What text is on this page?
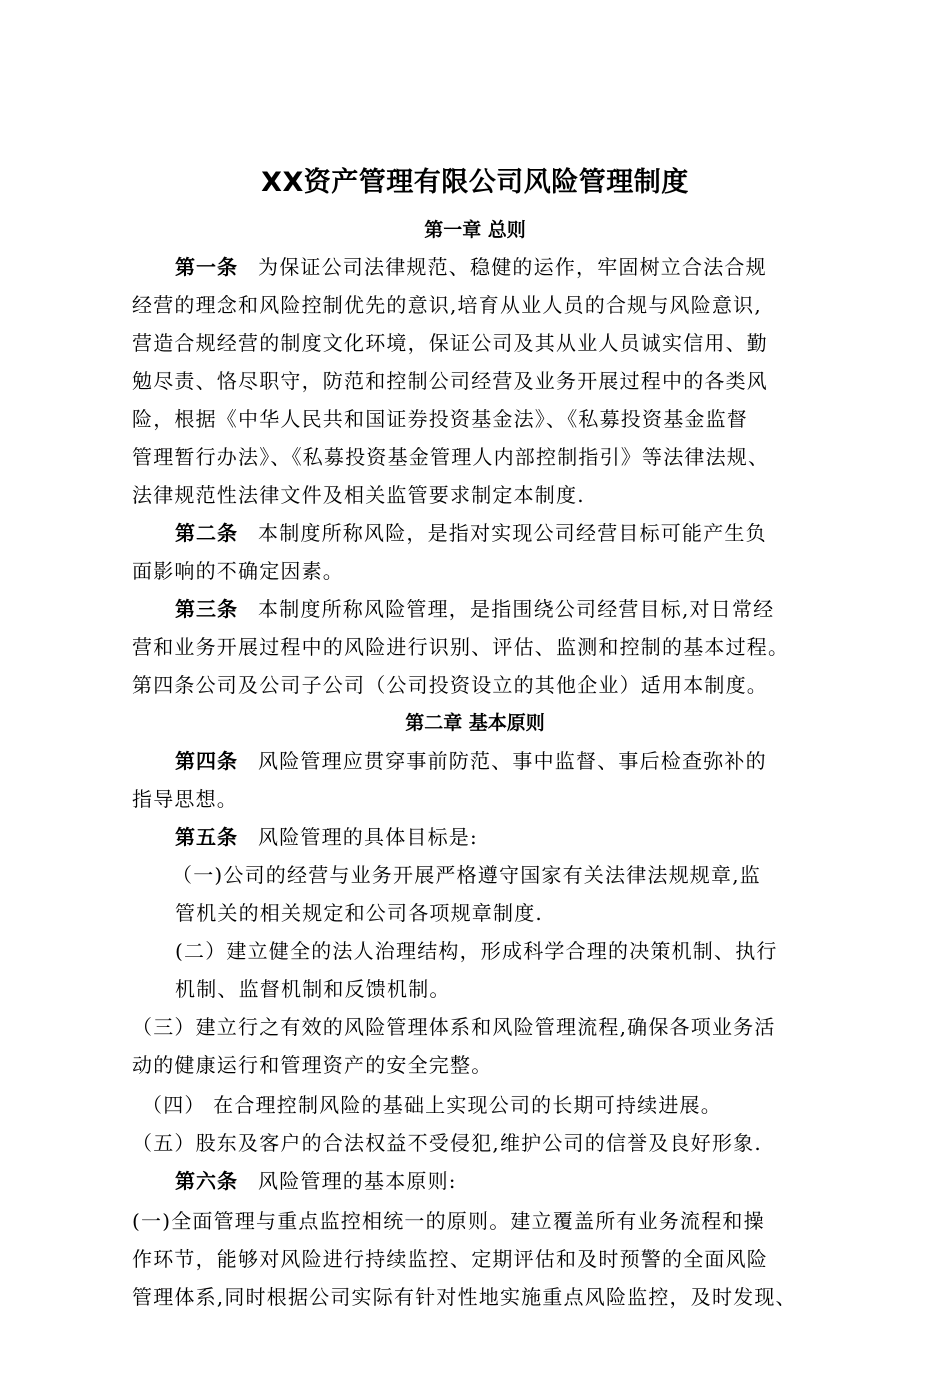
XX资产管理有限公司风险管理制度
第一章 总则
第一条 为保证公司法律规范、稳健的运作，牢固树立合法合规
经营的理念和风险控制优先的意识,培育从业人员的合规与风险意识,
营造合规经营的制度文化环境，保证公司及其从业人员诚实信用、勤
勉尽责、恪尽职守，防范和控制公司经营及业务开展过程中的各类风
险，根据《中华人民共和国证券投资基金法》、《私募投资基金监督
管理暂行办法》、《私募投资基金管理人内部控制指引》等法律法规、
法律规范性法律文件及相关监管要求制定本制度.
第二条 本制度所称风险，是指对实现公司经营目标可能产生负
面影响的不确定因素。
第三条 本制度所称风险管理，是指围绕公司经营目标,对日常经
营和业务开展过程中的风险进行识别、评估、监测和控制的基本过程。
第四条公司及公司子公司（公司投资设立的其他企业）适用本制度。
第二章 基本原则
第四条 风险管理应贯穿事前防范、事中监督、事后检查弥补的
指导思想。
第五条 风险管理的具体目标是:
（一)公司的经营与业务开展严格遵守国家有关法律法规规章,监
管机关的相关规定和公司各项规章制度.
(二）建立健全的法人治理结构，形成科学合理的决策机制、执行
机制、监督机制和反馈机制。
（三）建立行之有效的风险管理体系和风险管理流程,确保各项业务活
动的健康运行和管理资产的安全完整。
（四） 在合理控制风险的基础上实现公司的长期可持续进展。
（五）股东及客户的合法权益不受侵犯,维护公司的信誉及良好形象.
第六条 风险管理的基本原则:
(一)全面管理与重点监控相统一的原则。建立覆盖所有业务流程和操
作环节，能够对风险进行持续监控、定期评估和及时预警的全面风险
管理体系,同时根据公司实际有针对性地实施重点风险监控，及时发现、
